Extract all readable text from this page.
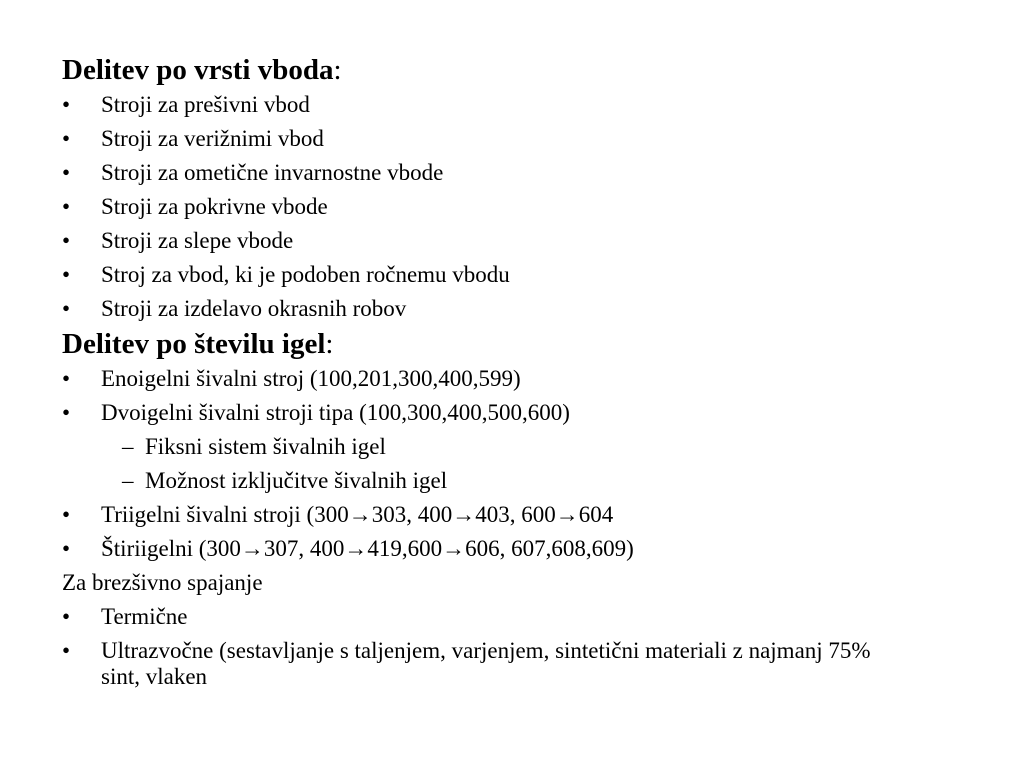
Delitev po vrsti vboda:
•	Stroji za prešivni vbod
•	Stroji za verižnimi vbod
•	Stroji za ometične invarnostne vbode
•	Stroji za pokrivne vbode
•	Stroji za slepe vbode
•	Stroj za vbod, ki je podoben ročnemu vbodu
•	Stroji za izdelavo okrasnih robov
Delitev po številu igel:
•	Enoigelni šivalni stroj (100,201,300,400,599)
•	Dvoigelni šivalni stroji tipa (100,300,400,500,600)
– Fiksni sistem šivalnih igel
– Možnost izključitve šivalnih igel
•	Triigelni šivalni stroji (300→303, 400→403, 600→604
•	Štiriigelni (300→307, 400→419,600→606, 607,608,609)
Za brezšivno spajanje
•	Termične
•	Ultrazvočne (sestavljanje s taljenjem, varjenjem, sintetični materiali z najmanj 75% sint, vlaken
